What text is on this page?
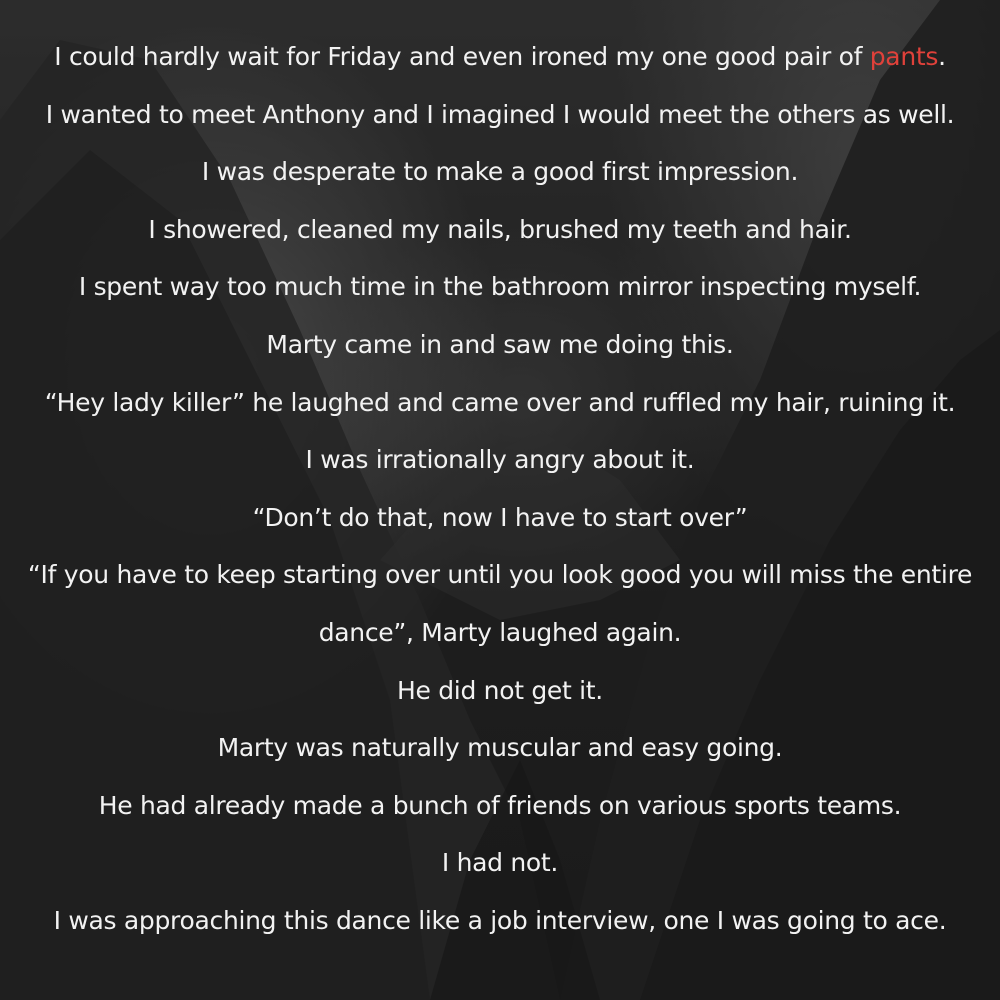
I could hardly wait for Friday and even ironed my one good pair of pants.
I wanted to meet Anthony and I imagined I would meet the others as well.
I was desperate to make a good first impression.
I showered, cleaned my nails, brushed my teeth and hair.
I spent way too much time in the bathroom mirror inspecting myself.
Marty came in and saw me doing this.
“Hey lady killer” he laughed and came over and ruffled my hair, ruining it.
I was irrationally angry about it.
“Don’t do that, now I have to start over”
“If you have to keep starting over until you look good you will miss the entire
dance”, Marty laughed again.
He did not get it.
Marty was naturally muscular and easy going.
He had already made a bunch of friends on various sports teams.
I had not.
I was approaching this dance like a job interview, one I was going to ace.
